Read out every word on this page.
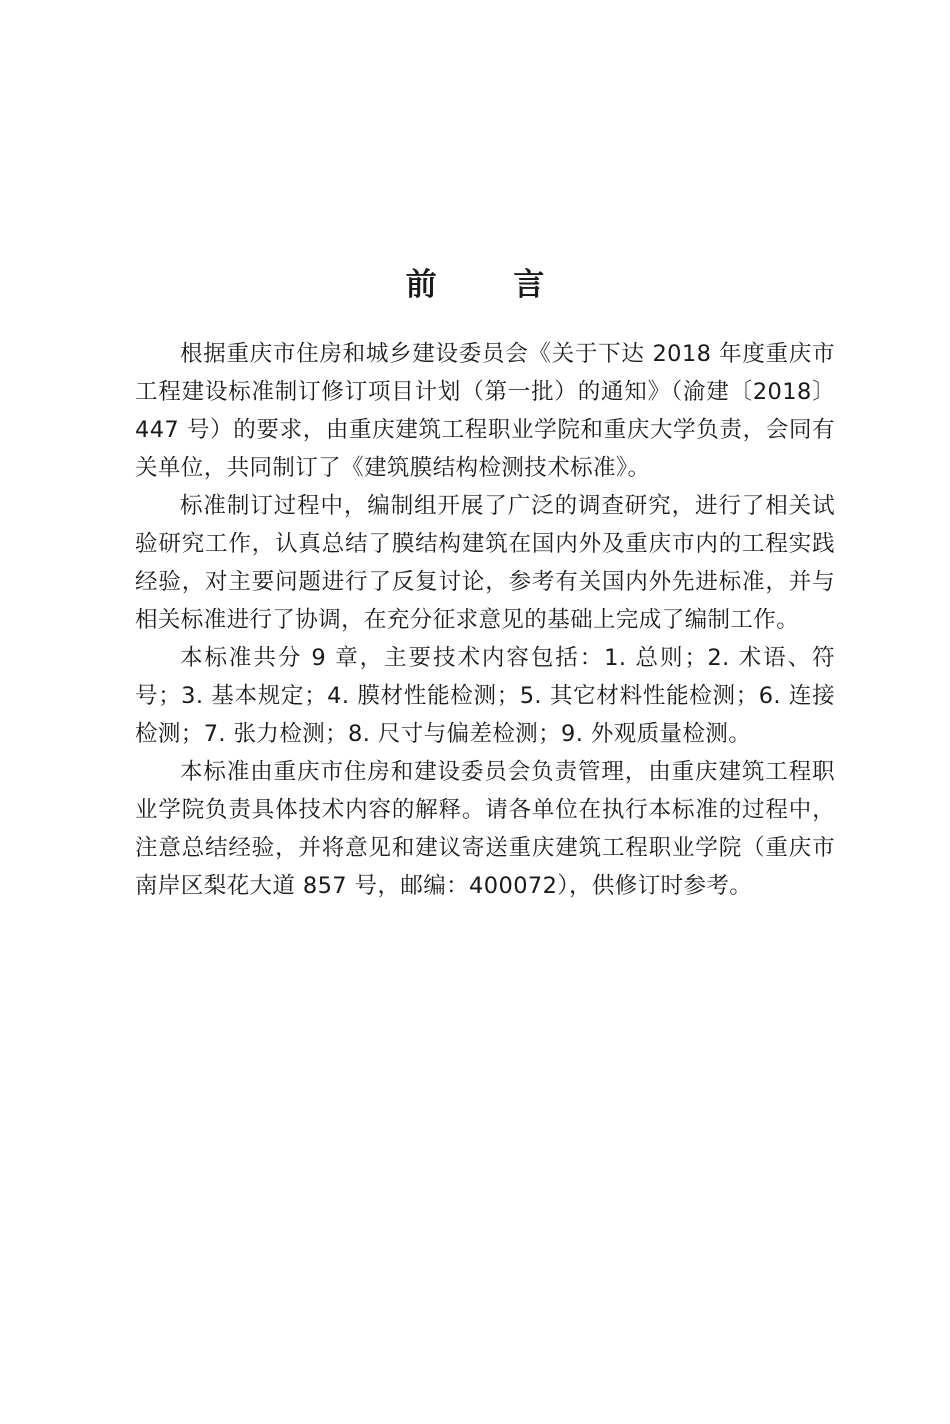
前 言

根据重庆市住房和城乡建设委员会《关于下达 2018 年度重庆市工程建设标准制订修订项目计划（第一批）的通知》（渝建〔2018〕447 号）的要求，由重庆建筑工程职业学院和重庆大学负责，会同有关单位，共同制订了《建筑膜结构检测技术标准》。

标准制订过程中，编制组开展了广泛的调查研究，进行了相关试验研究工作，认真总结了膜结构建筑在国内外及重庆市内的工程实践经验，对主要问题进行了反复讨论，参考有关国内外先进标准，并与相关标准进行了协调，在充分征求意见的基础上完成了编制工作。

本标准共分 9 章，主要技术内容包括：1. 总则；2. 术语、符号；3. 基本规定；4. 膜材性能检测；5. 其它材料性能检测；6. 连接检测；7. 张力检测；8. 尺寸与偏差检测；9. 外观质量检测。

本标准由重庆市住房和建设委员会负责管理，由重庆建筑工程职业学院负责具体技术内容的解释。请各单位在执行本标准的过程中，注意总结经验，并将意见和建议寄送重庆建筑工程职业学院（重庆市南岸区梨花大道 857 号，邮编：400072），供修订时参考。
